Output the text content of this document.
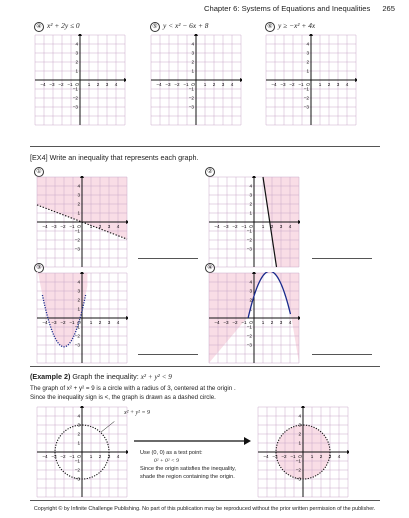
Chapter 6: Systems of Equations and Inequalities 265
④ x² + 2y ≤ 0	⑤ y < x² − 6x + 8	⑥ y ≥ −x² + 4x
−4 −3 −2 −1	1 2 3 4
O
4
3
2
1
−1
−2
−3
−4 −3 −2 −1	1 2 3 4
O
4
3
2
1
−1
−2
−3
−4 −3 −2 −1	1 2 3 4
O
4
3
2
1
−1
−2
−3
[EX4] Write an inequality that represents each graph.
①	②
−4 −3 −2 −1	1 2 3 4
O
4
3
2
1
−1
−2
−3
−4 −3 −2 −1	1 2 3 4
O
4
3
2
1
−1
−2
−3
③	④
−4 −3 −2 −1	1 2 3 4
O
4
3
2
1
−1
−2
−3
−4 −3 −2 −1	1 2 3 4
O
4
3
2
1
−1
−2
−3
(Example 2) Graph the inequality: x² + y² < 9
The graph of x² + y² = 9 is a circle with a radius of 3, centered at the origin .
Since the inequality sign is <, the graph is drawn as a dashed circle.
−4 −3 −2 −1	1 2 3 4
O
4
3
2
1
−1
−2
−3
x² + y² = 9
Use (0, 0) as a test point:
0² + 0² < 9
Since the origin satisfies the inequality,
shade the region containing the origin.
−4 −3 −2 −1	1 2 3 4
O
4
3
2
1
−1
−2
−3
Copyright © by Infinite Challenge Publishing. No part of this publication may be reproduced without the prior written permission of the publisher.
